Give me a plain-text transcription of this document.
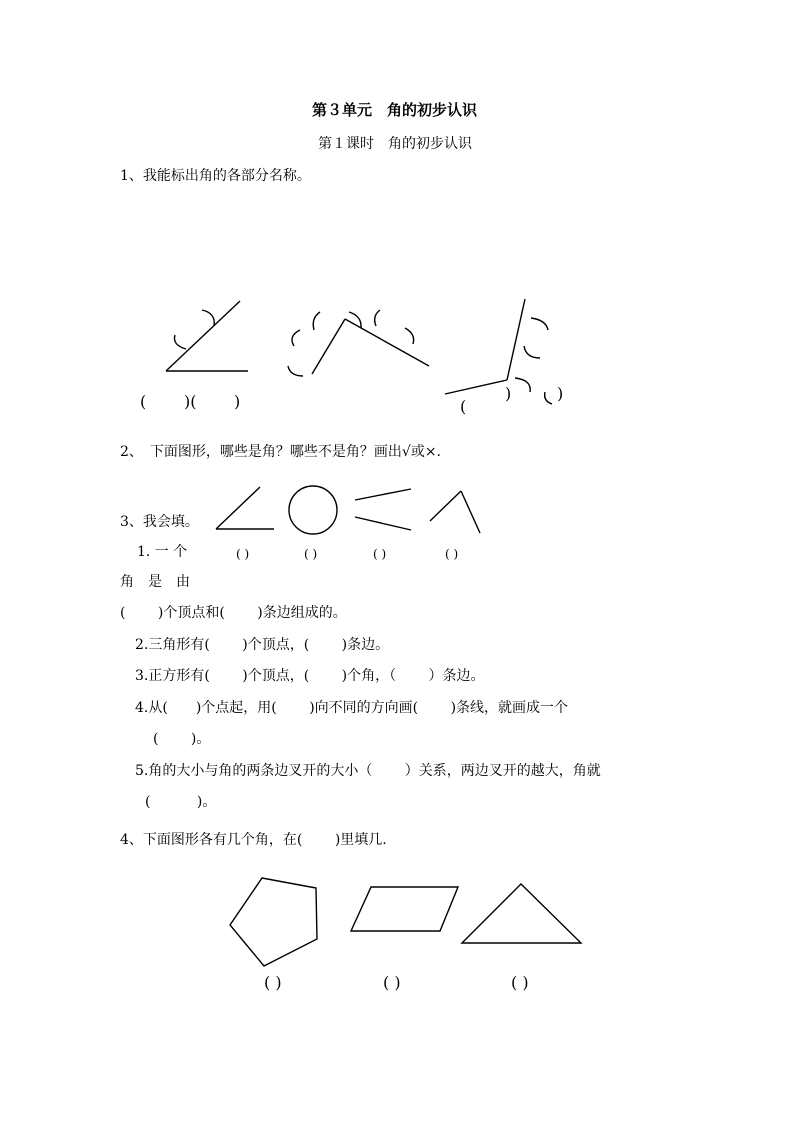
第３单元　角的初步认识
第１课时　角的初步认识
1、我能标出角的各部分名称。
( )( )	(
)	)
2、　下面图形，哪些是角？哪些不是角？画出√或×.
( )	( )	( )	( )
3、我会填。
1. 一 个
角　是　由
(　　 )个顶点和(　　 )条边组成的。
2.三角形有(　　 )个顶点，(　　 )条边。
3.正方形有(　　 )个顶点，(　　 )个角，（　　 ）条边。
4.从(　　)个点起，用(　　 )向不同的方向画(　　 )条线，就画成一个
(　　 )。
5.角的大小与角的两条边叉开的大小（　　 ）关系，两边叉开的越大，角就
(　　 　)。
4、下面图形各有几个角，在(　　 )里填几.
( )	( )	( )
